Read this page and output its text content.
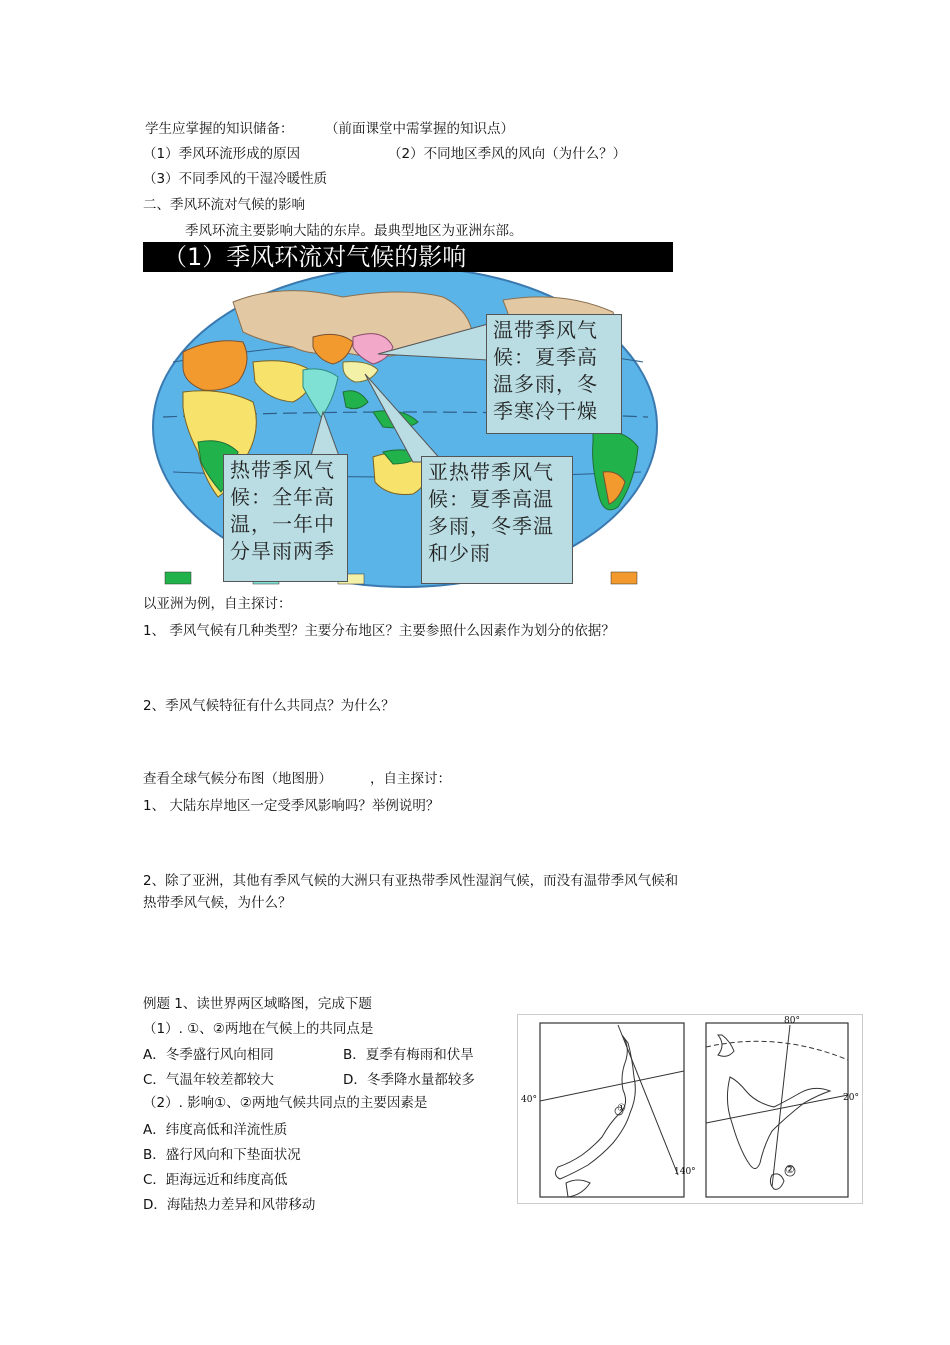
学生应掌握的知识储备： （前面课堂中需掌握的知识点）
（1）季风环流形成的原因	（2）不同地区季风的风向（为什么？）
（3）不同季风的干湿冷暖性质
二、季风环流对气候的影响
季风环流主要影响大陆的东岸。最典型地区为亚洲东部。
（1）季风环流对气候的影响
温带季风气候：夏季高温多雨，冬季寒冷干燥
热带季风气候：全年高温，一年中分旱雨两季
亚热带季风气候：夏季高温多雨，冬季温和少雨
以亚洲为例，自主探讨：
1、 季风气候有几种类型？主要分布地区？主要参照什么因素作为划分的依据？
2、季风气候特征有什么共同点？为什么？
查看全球气候分布图（地图册）	，自主探讨：
1、 大陆东岸地区一定受季风影响吗？举例说明？
2、除了亚洲，其他有季风气候的大洲只有亚热带季风性湿润气候，而没有温带季风气候和
热带季风气候，为什么？
例题 1、读世界两区域略图，完成下题
（1）. ①、②两地在气候上的共同点是
A．冬季盛行风向相同	B．夏季有梅雨和伏旱
C．气温年较差都较大	D．冬季降水量都较多
（2）. 影响①、②两地气候共同点的主要因素是
A．纬度高低和洋流性质
B．盛行风向和下垫面状况
C．距海远近和纬度高低
D．海陆热力差异和风带移动
40°
140°
80°
20°
①
②
